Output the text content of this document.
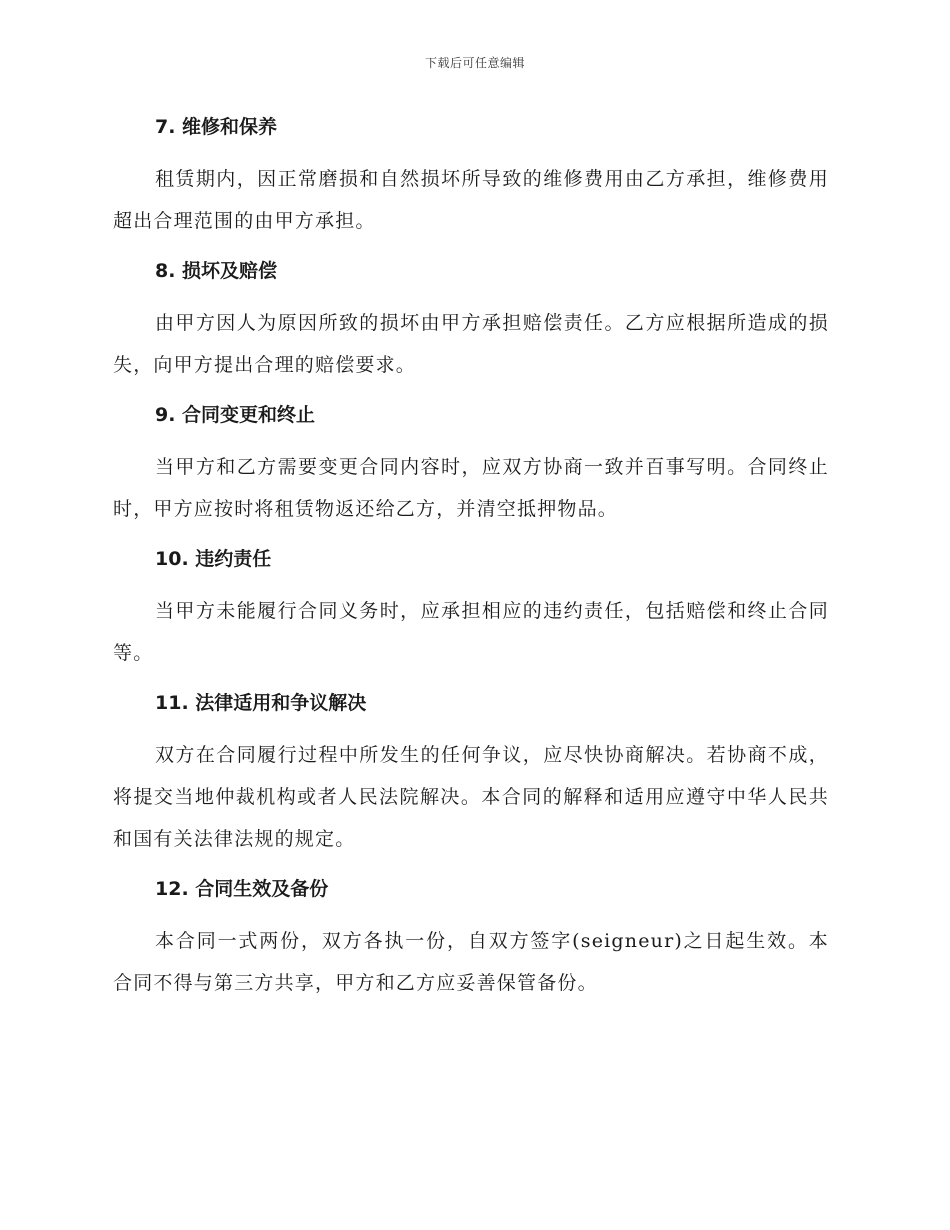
下载后可任意编辑
7. 维修和保养

租赁期内，因正常磨损和自然损坏所导致的维修费用由乙方承担，维修费用超出合理范围的由甲方承担。

8. 损坏及赔偿

由甲方因人为原因所致的损坏由甲方承担赔偿责任。乙方应根据所造成的损失，向甲方提出合理的赔偿要求。

9. 合同变更和终止

当甲方和乙方需要变更合同内容时，应双方协商一致并百事写明。合同终止时，甲方应按时将租赁物返还给乙方，并清空抵押物品。

10. 违约责任

当甲方未能履行合同义务时，应承担相应的违约责任，包括赔偿和终止合同等。

11. 法律适用和争议解决

双方在合同履行过程中所发生的任何争议，应尽快协商解决。若协商不成，将提交当地仲裁机构或者人民法院解决。本合同的解释和适用应遵守中华人民共和国有关法律法规的规定。

12. 合同生效及备份

本合同一式两份，双方各执一份，自双方签字(seigneur)之日起生效。本合同不得与第三方共享，甲方和乙方应妥善保管备份。
